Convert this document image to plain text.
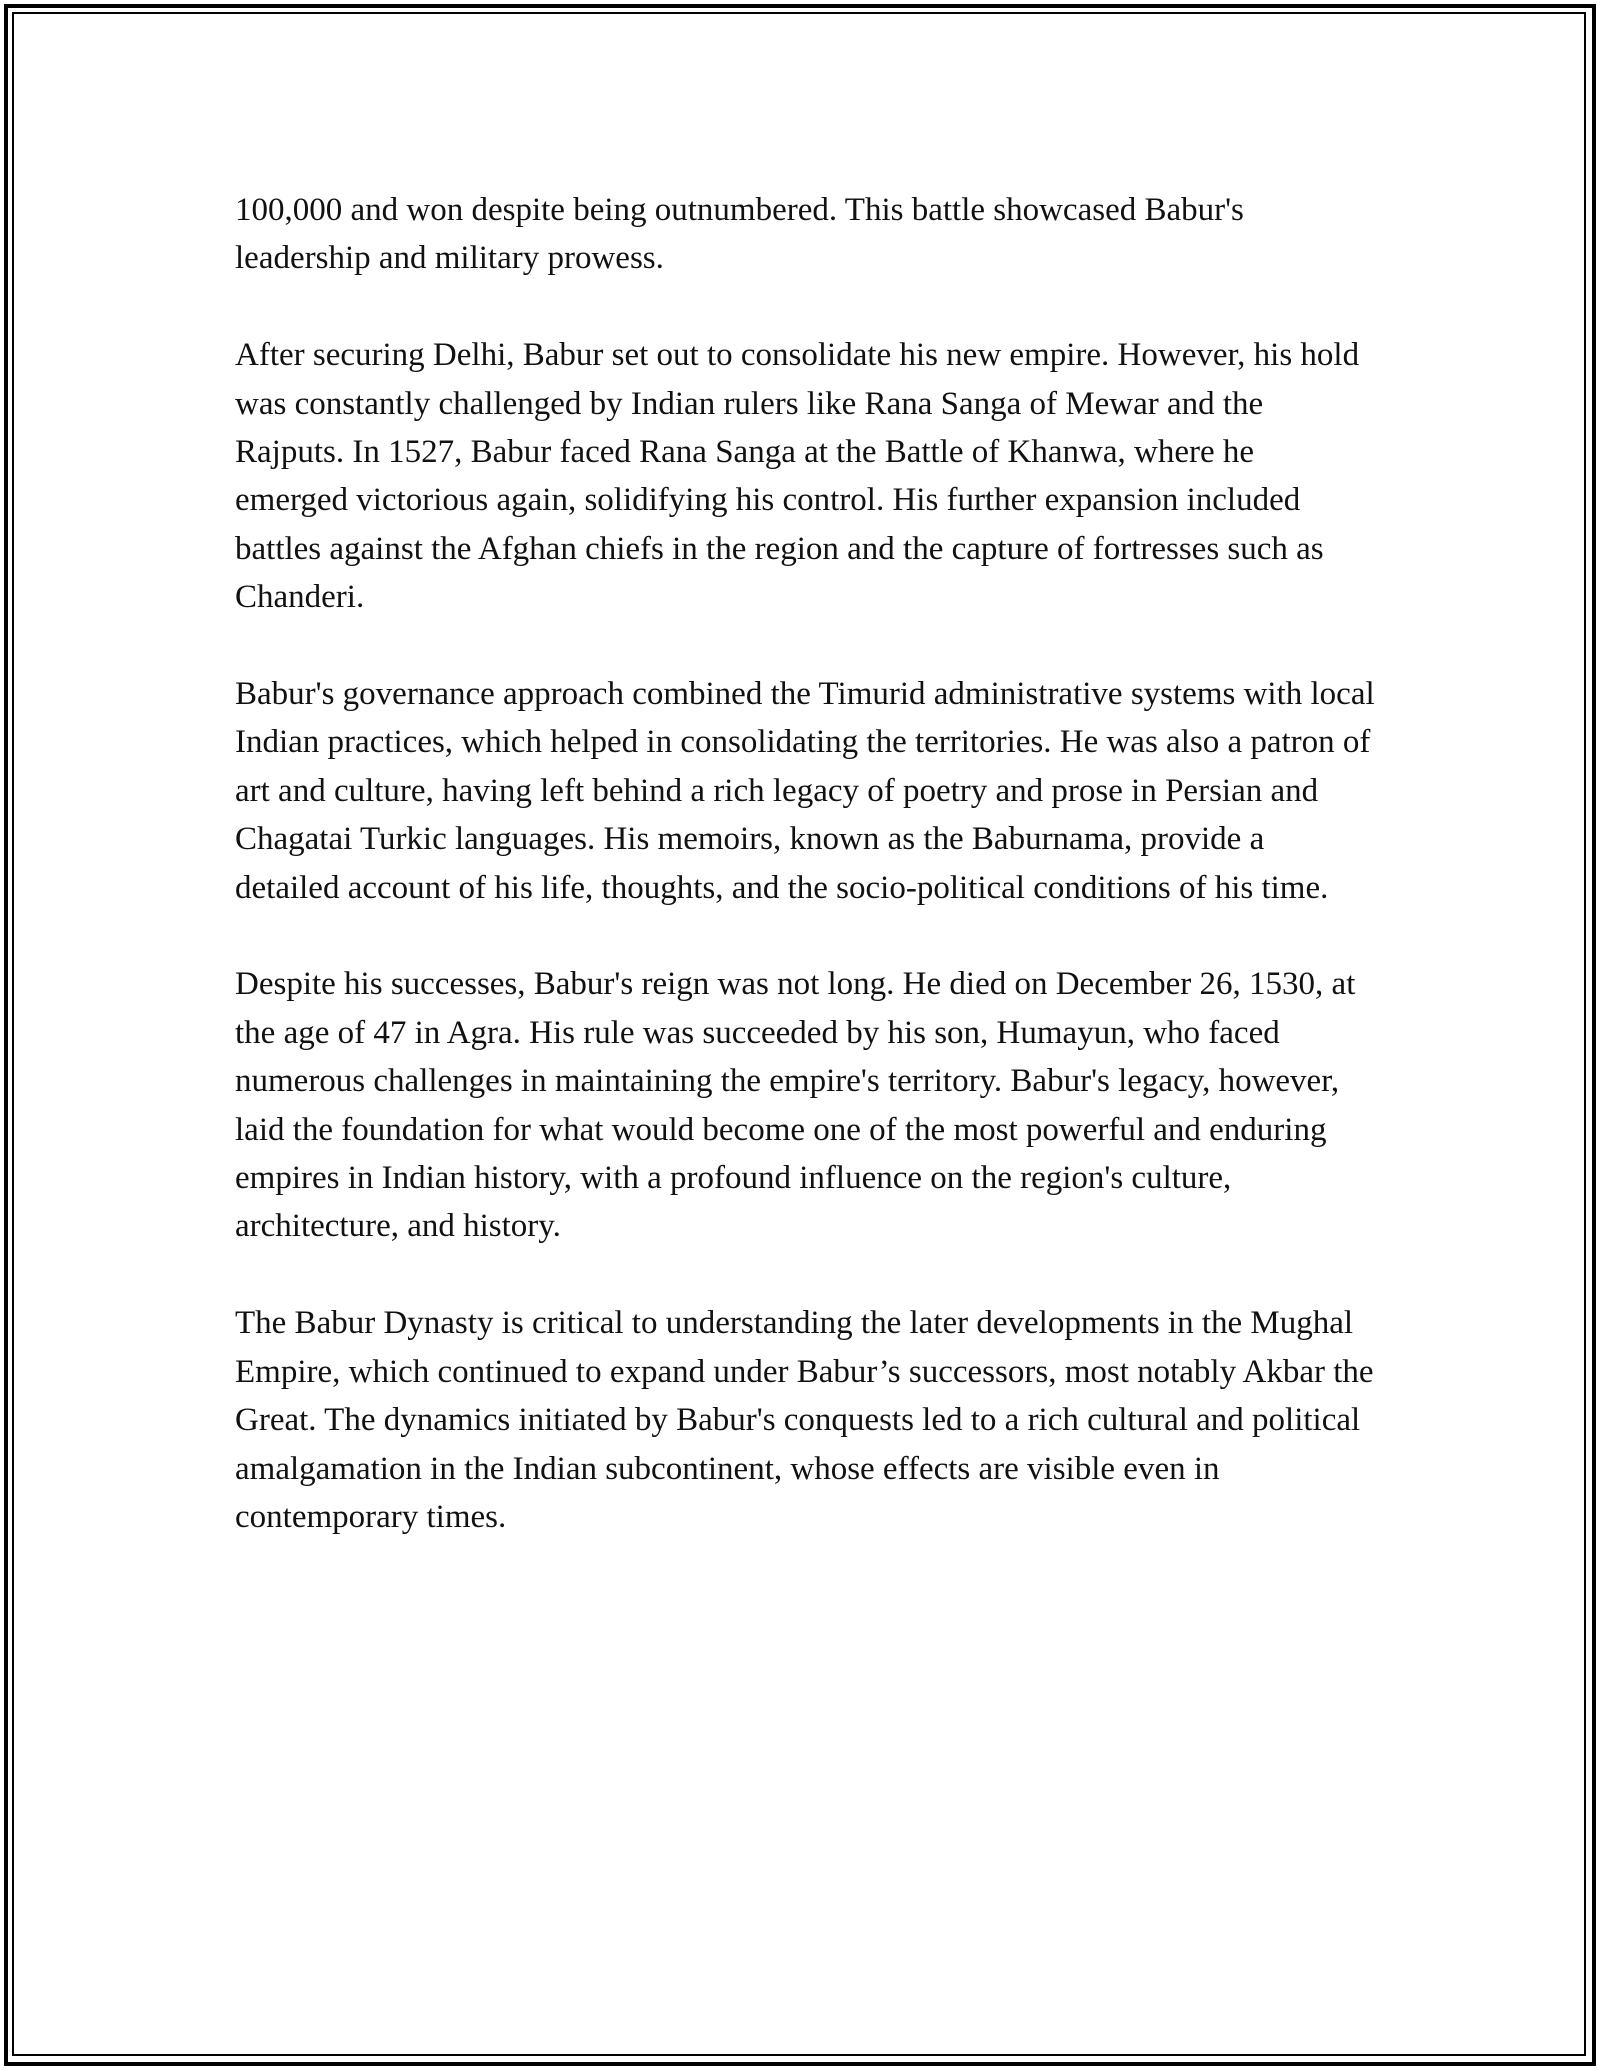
100,000 and won despite being outnumbered. This battle showcased Babur's leadership and military prowess.

After securing Delhi, Babur set out to consolidate his new empire. However, his hold was constantly challenged by Indian rulers like Rana Sanga of Mewar and the Rajputs. In 1527, Babur faced Rana Sanga at the Battle of Khanwa, where he emerged victorious again, solidifying his control. His further expansion included battles against the Afghan chiefs in the region and the capture of fortresses such as Chanderi.

Babur's governance approach combined the Timurid administrative systems with local Indian practices, which helped in consolidating the territories. He was also a patron of art and culture, having left behind a rich legacy of poetry and prose in Persian and Chagatai Turkic languages. His memoirs, known as the Baburnama, provide a detailed account of his life, thoughts, and the socio-political conditions of his time.

Despite his successes, Babur's reign was not long. He died on December 26, 1530, at the age of 47 in Agra. His rule was succeeded by his son, Humayun, who faced numerous challenges in maintaining the empire's territory. Babur's legacy, however, laid the foundation for what would become one of the most powerful and enduring empires in Indian history, with a profound influence on the region's culture, architecture, and history.

The Babur Dynasty is critical to understanding the later developments in the Mughal Empire, which continued to expand under Babur’s successors, most notably Akbar the Great. The dynamics initiated by Babur's conquests led to a rich cultural and political amalgamation in the Indian subcontinent, whose effects are visible even in contemporary times.
